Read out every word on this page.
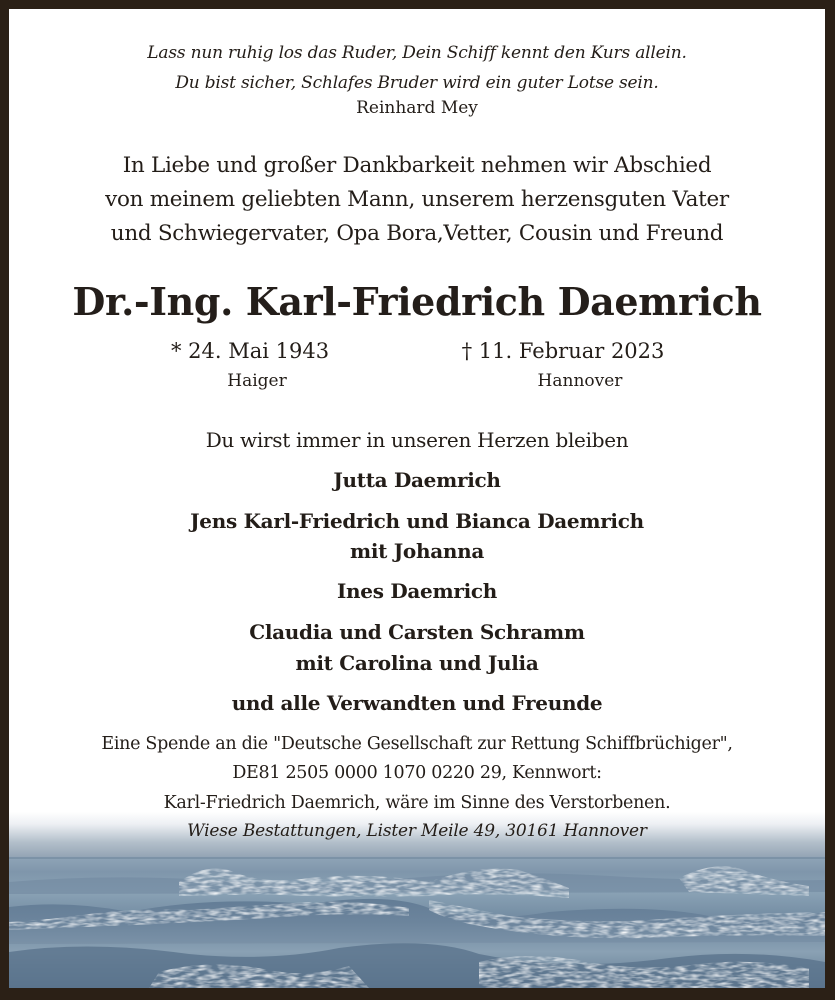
Lass nun ruhig los das Ruder, Dein Schiff kennt den Kurs allein.
Du bist sicher, Schlafes Bruder wird ein guter Lotse sein.
Reinhard Mey
In Liebe und großer Dankbarkeit nehmen wir Abschied
von meinem geliebten Mann, unserem herzensguten Vater
und Schwiegervater, Opa Bora,Vetter, Cousin und Freund
Dr.-Ing. Karl-Friedrich Daemrich
* 24. Mai 1943
Haiger
† 11. Februar 2023
Hannover
Du wirst immer in unseren Herzen bleiben
Jutta Daemrich
Jens Karl-Friedrich und Bianca Daemrich
mit Johanna
Ines Daemrich
Claudia und Carsten Schramm
mit Carolina und Julia
und alle Verwandten und Freunde
Eine Spende an die "Deutsche Gesellschaft zur Rettung Schiffbrüchiger",
DE81 2505 0000 1070 0220 29, Kennwort:
Karl-Friedrich Daemrich, wäre im Sinne des Verstorbenen.
Wiese Bestattungen, Lister Meile 49, 30161 Hannover
